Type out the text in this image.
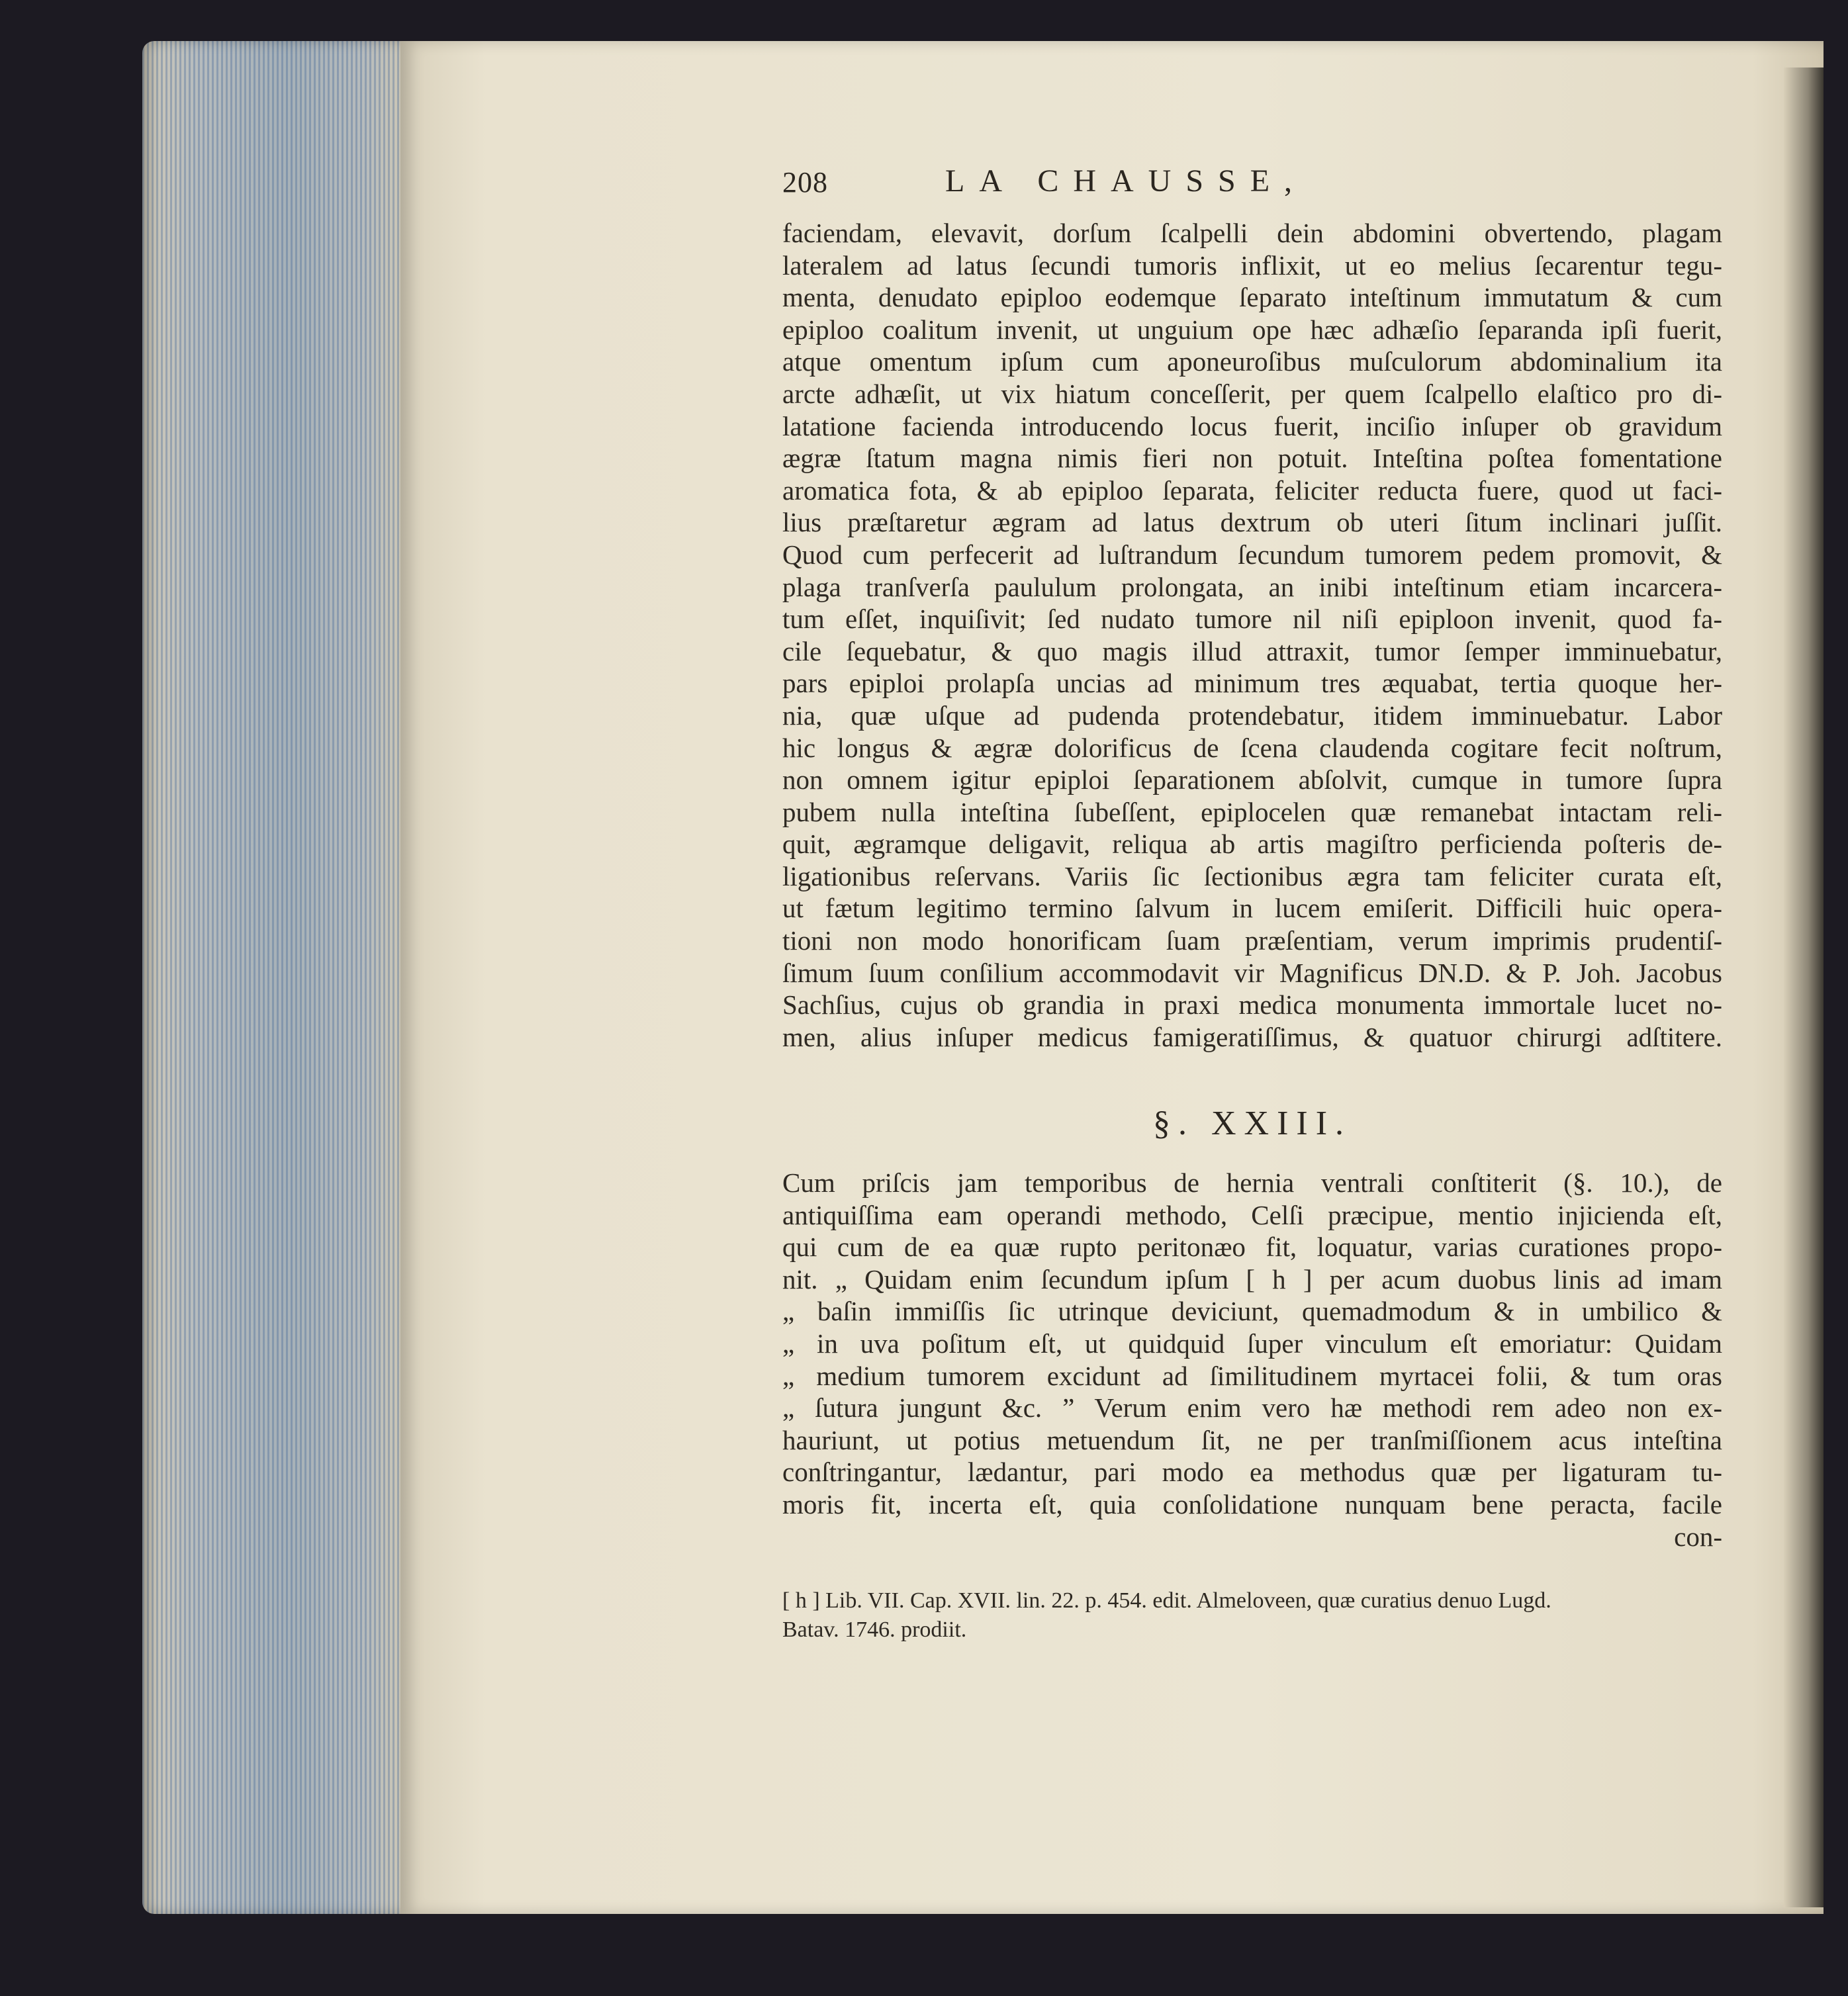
208	LA CHAUSSE,
faciendam, elevavit, dorſum ſcalpelli dein abdomini obvertendo, plagam
lateralem ad latus ſecundi tumoris inflixit, ut eo melius ſecarentur tegu-
menta, denudato epiploo eodemque ſeparato inteſtinum immutatum & cum
epiploo coalitum invenit, ut unguium ope hæc adhæſio ſeparanda ipſi fuerit,
atque omentum ipſum cum aponeuroſibus muſculorum abdominalium ita
arcte adhæſit, ut vix hiatum conceſſerit, per quem ſcalpello elaſtico pro di-
latatione facienda introducendo locus fuerit, inciſio inſuper ob gravidum
ægræ ſtatum magna nimis fieri non potuit. Inteſtina poſtea fomentatione
aromatica fota, & ab epiploo ſeparata, feliciter reducta fuere, quod ut faci-
lius præſtaretur ægram ad latus dextrum ob uteri ſitum inclinari juſſit.
Quod cum perfecerit ad luſtrandum ſecundum tumorem pedem promovit, &
plaga tranſverſa paululum prolongata, an inibi inteſtinum etiam incarcera-
tum eſſet, inquiſivit; ſed nudato tumore nil niſi epiploon invenit, quod fa-
cile ſequebatur, & quo magis illud attraxit, tumor ſemper imminuebatur,
pars epiploi prolapſa uncias ad minimum tres æquabat, tertia quoque her-
nia, quæ uſque ad pudenda protendebatur, itidem imminuebatur. Labor
hic longus & ægræ dolorificus de ſcena claudenda cogitare fecit noſtrum,
non omnem igitur epiploi ſeparationem abſolvit, cumque in tumore ſupra
pubem nulla inteſtina ſubeſſent, epiplocelen quæ remanebat intactam reli-
quit, ægramque deligavit, reliqua ab artis magiſtro perficienda poſteris de-
ligationibus reſervans. Variis ſic ſectionibus ægra tam feliciter curata eſt,
ut fætum legitimo termino ſalvum in lucem emiſerit. Difficili huic opera-
tioni non modo honorificam ſuam præſentiam, verum imprimis prudentiſ-
ſimum ſuum conſilium accommodavit vir Magnificus DN.D. & P. Joh. Jacobus
Sachſius, cujus ob grandia in praxi medica monumenta immortale lucet no-
men, alius inſuper medicus famigeratiſſimus, & quatuor chirurgi adſtitere.
§. XXIII.
Cum priſcis jam temporibus de hernia ventrali conſtiterit (§. 10.), de
antiquiſſima eam operandi methodo, Celſi præcipue, mentio injicienda eſt,
qui cum de ea quæ rupto peritonæo fit, loquatur, varias curationes propo-
nit. „ Quidam enim ſecundum ipſum [ h ] per acum duobus linis ad imam
„ baſin immiſſis ſic utrinque deviciunt, quemadmodum & in umbilico &
„ in uva poſitum eſt, ut quidquid ſuper vinculum eſt emoriatur: Quidam
„ medium tumorem excidunt ad ſimilitudinem myrtacei folii, & tum oras
„ ſutura jungunt &c. ” Verum enim vero hæ methodi rem adeo non ex-
hauriunt, ut potius metuendum ſit, ne per tranſmiſſionem acus inteſtina
conſtringantur, lædantur, pari modo ea methodus quæ per ligaturam tu-
moris fit, incerta eſt, quia conſolidatione nunquam bene peracta, facile
con-
[ h ] Lib. VII. Cap. XVII. lin. 22. p. 454. edit. Almeloveen, quæ curatius denuo Lugd.
Batav. 1746. prodiit.
